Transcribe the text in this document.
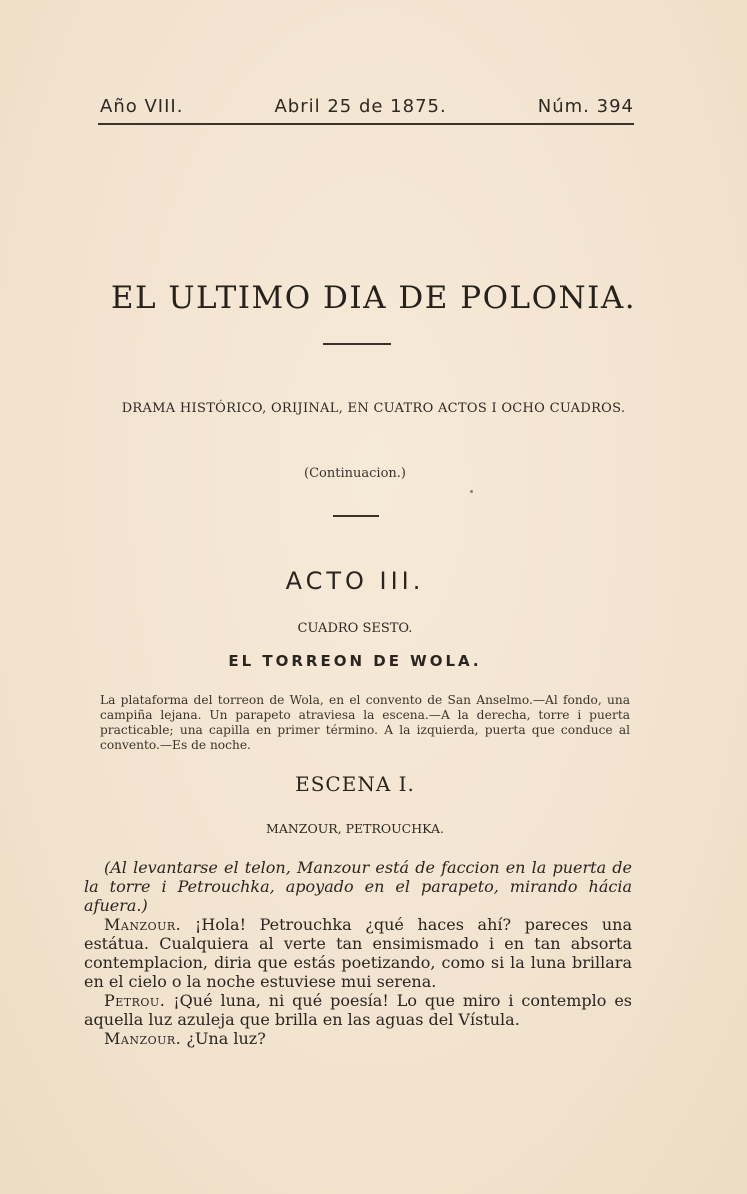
Año VIII.	Abril 25 de 1875.	Núm. 394
EL ULTIMO DIA DE POLONIA.
DRAMA HISTÓRICO, ORIJINAL, EN CUATRO ACTOS I OCHO CUADROS.
(Continuacion.)
ACTO III.
CUADRO SESTO.
EL TORREON DE WOLA.
La plataforma del torreon de Wola, en el convento de San Anselmo.—Al fondo, una campiña lejana. Un parapeto atraviesa la escena.—A la derecha, torre i puerta practicable; una capilla en primer término. A la izquierda, puerta que conduce al convento.—Es de noche.
ESCENA I.
MANZOUR, PETROUCHKA.

(Al levantarse el telon, Manzour está de faccion en la puerta de la torre i Petrouchka, apoyado en el parapeto, mirando hácia afuera.)

Manzour. ¡Hola! Petrouchka ¿qué haces ahí? pareces una estátua. Cualquiera al verte tan ensimismado i en tan absorta contemplacion, diria que estás poetizando, como si la luna brillara en el cielo o la noche estuviese mui serena.

Petrou. ¡Qué luna, ni qué poesía! Lo que miro i contemplo es aquella luz azuleja que brilla en las aguas del Vístula.

Manzour. ¿Una luz?
